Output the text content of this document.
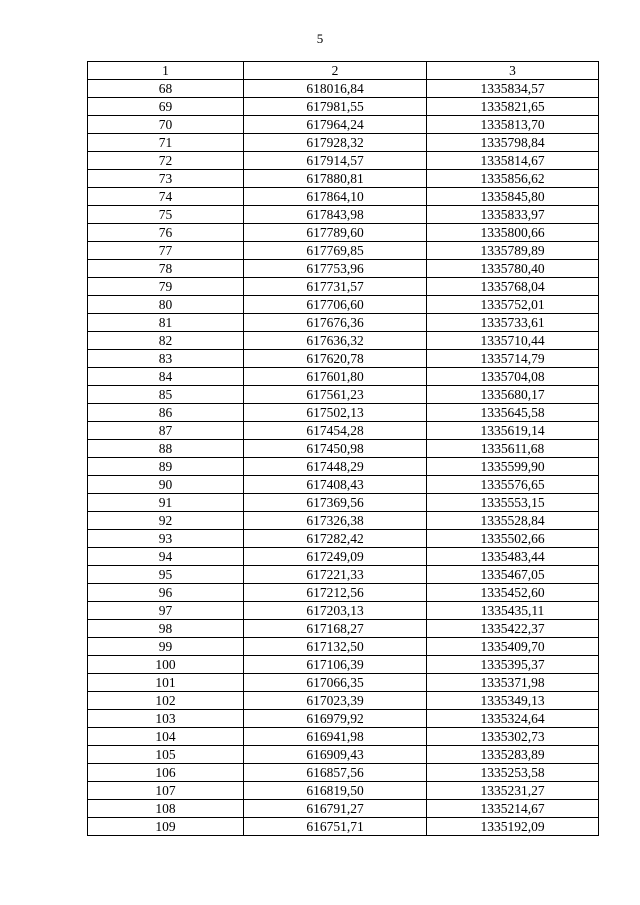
5
1	2	3
68	618016,84	1335834,57
69	617981,55	1335821,65
70	617964,24	1335813,70
71	617928,32	1335798,84
72	617914,57	1335814,67
73	617880,81	1335856,62
74	617864,10	1335845,80
75	617843,98	1335833,97
76	617789,60	1335800,66
77	617769,85	1335789,89
78	617753,96	1335780,40
79	617731,57	1335768,04
80	617706,60	1335752,01
81	617676,36	1335733,61
82	617636,32	1335710,44
83	617620,78	1335714,79
84	617601,80	1335704,08
85	617561,23	1335680,17
86	617502,13	1335645,58
87	617454,28	1335619,14
88	617450,98	1335611,68
89	617448,29	1335599,90
90	617408,43	1335576,65
91	617369,56	1335553,15
92	617326,38	1335528,84
93	617282,42	1335502,66
94	617249,09	1335483,44
95	617221,33	1335467,05
96	617212,56	1335452,60
97	617203,13	1335435,11
98	617168,27	1335422,37
99	617132,50	1335409,70
100	617106,39	1335395,37
101	617066,35	1335371,98
102	617023,39	1335349,13
103	616979,92	1335324,64
104	616941,98	1335302,73
105	616909,43	1335283,89
106	616857,56	1335253,58
107	616819,50	1335231,27
108	616791,27	1335214,67
109	616751,71	1335192,09
